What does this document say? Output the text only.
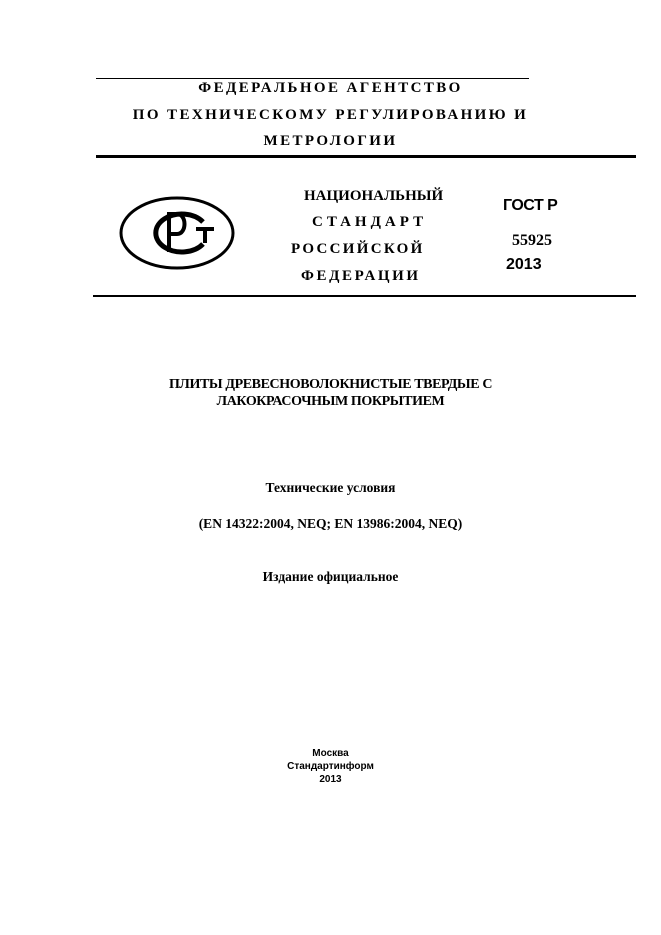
ФЕДЕРАЛЬНОЕ АГЕНТСТВО
ПО ТЕХНИЧЕСКОМУ РЕГУЛИРОВАНИЮ И
МЕТРОЛОГИИ
НАЦИОНАЛЬНЫЙ
СТАНДАРТ
РОССИЙСКОЙ
ФЕДЕРАЦИИ
ГОСТ Р
55925
2013
ПЛИТЫ ДРЕВЕСНОВОЛОКНИСТЫЕ ТВЕРДЫЕ С
ЛАКОКРАСОЧНЫМ ПОКРЫТИЕМ
Технические условия
(EN 14322:2004, NEQ; EN 13986:2004, NEQ)
Издание официальное
Москва
Стандартинформ
2013
